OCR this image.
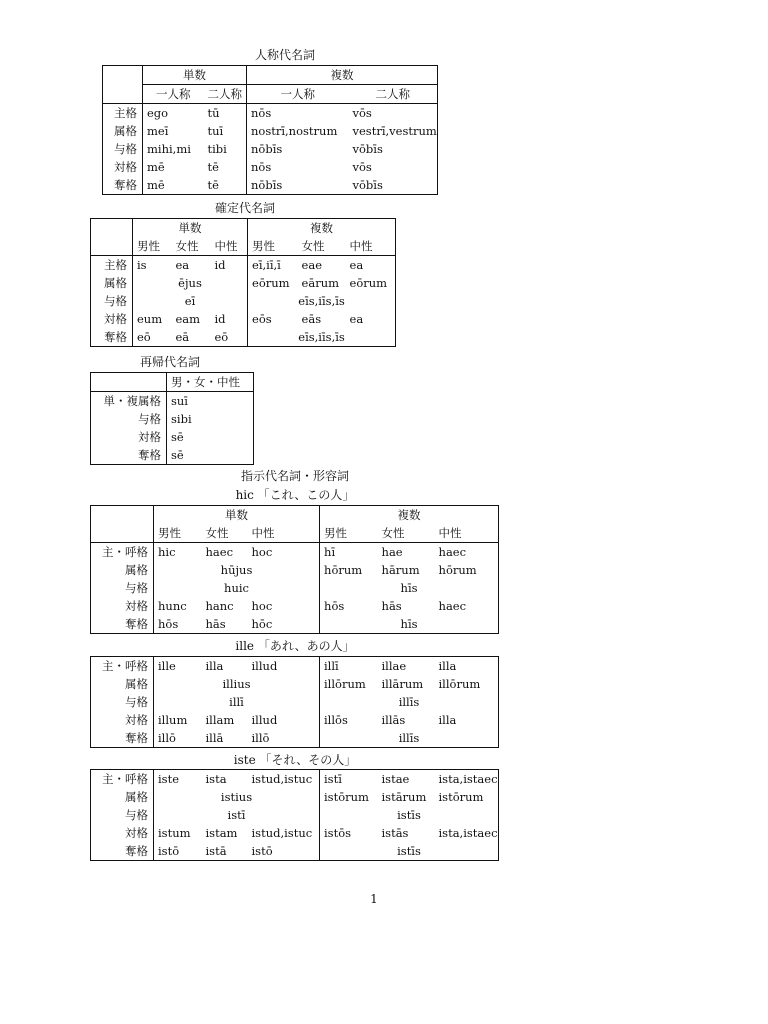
人称代名詞
	単数		複数	
	一人称	二人称	一人称	二人称
主格	ego	tū	nōs	vōs
属格	meī	tuī	nostrī,nostrum	vestrī,vestrum
与格	mihi,mi	tibi	nōbīs	vōbīs
対格	mē	tē	nōs	vōs
奪格	mē	tē	nōbīs	vōbīs
確定代名詞
	単数			複数		
	男性	女性	中性	男性	女性	中性
主格	is	ea	id	eī,iī,ī	eae	ea
属格	ējus			eōrum	eārum	eōrum
与格	eī			eīs,iīs,īs		
対格	eum	eam	id	eōs	eās	ea
奪格	eō	eā	eō	eīs,iīs,īs		
再帰代名詞
	男・女・中性
単・複属格	suī
与格	sibi
対格	sē
奪格	sē
指示代名詞・形容詞
hic 「これ、この人」
	単数			複数		
	男性	女性	中性	男性	女性	中性
主・呼格	hic	haec	hoc	hī	hae	haec
属格	hūjus			hōrum	hārum	hōrum
与格	huic			hīs		
対格	hunc	hanc	hoc	hōs	hās	haec
奪格	hōs	hās	hōc	hīs		
ille 「あれ、あの人」
主・呼格	ille	illa	illud	illī	illae	illa
属格	illius			illōrum	illārum	illōrum
与格	illī			illīs		
対格	illum	illam	illud	illōs	illās	illa
奪格	illō	illā	illō	illīs		
iste 「それ、その人」
主・呼格	iste	ista	istud,istuc	istī	istae	ista,istaec
属格	istius			istōrum	istārum	istōrum
与格	istī			istīs		
対格	istum	istam	istud,istuc	istōs	istās	ista,istaec
奪格	istō	istā	istō	istīs		
1
